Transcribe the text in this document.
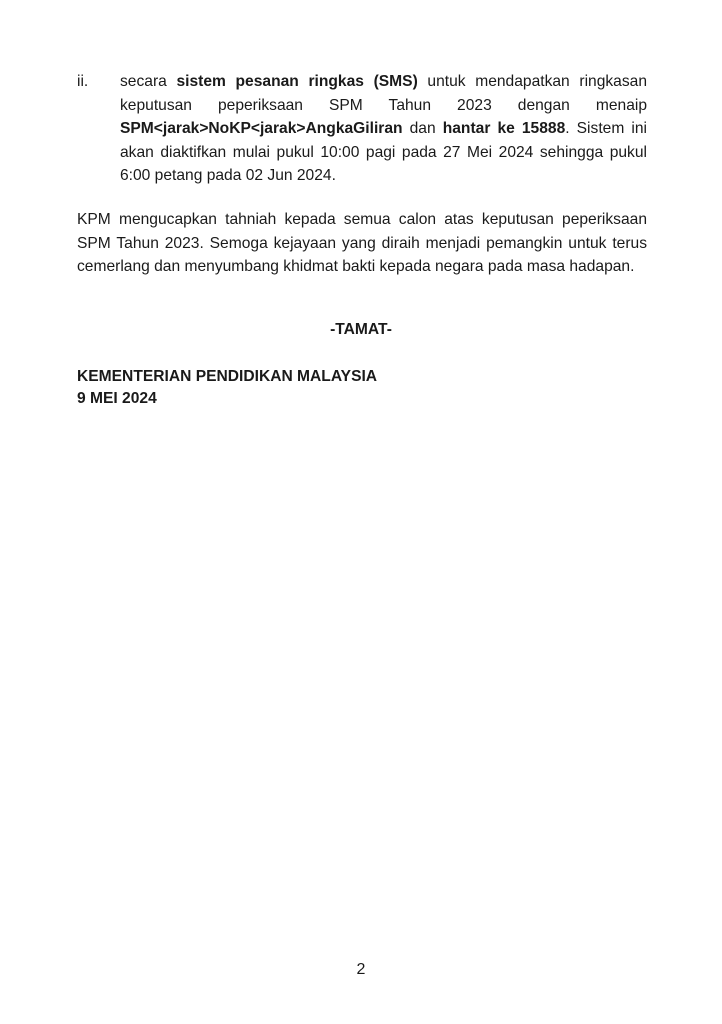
ii. secara sistem pesanan ringkas (SMS) untuk mendapatkan ringkasan keputusan peperiksaan SPM Tahun 2023 dengan menaip SPM<jarak>NoKP<jarak>AngkaGiliran dan hantar ke 15888. Sistem ini akan diaktifkan mulai pukul 10:00 pagi pada 27 Mei 2024 sehingga pukul 6:00 petang pada 02 Jun 2024.
KPM mengucapkan tahniah kepada semua calon atas keputusan peperiksaan SPM Tahun 2023. Semoga kejayaan yang diraih menjadi pemangkin untuk terus cemerlang dan menyumbang khidmat bakti kepada negara pada masa hadapan.
-TAMAT-
KEMENTERIAN PENDIDIKAN MALAYSIA
9 MEI 2024
2
